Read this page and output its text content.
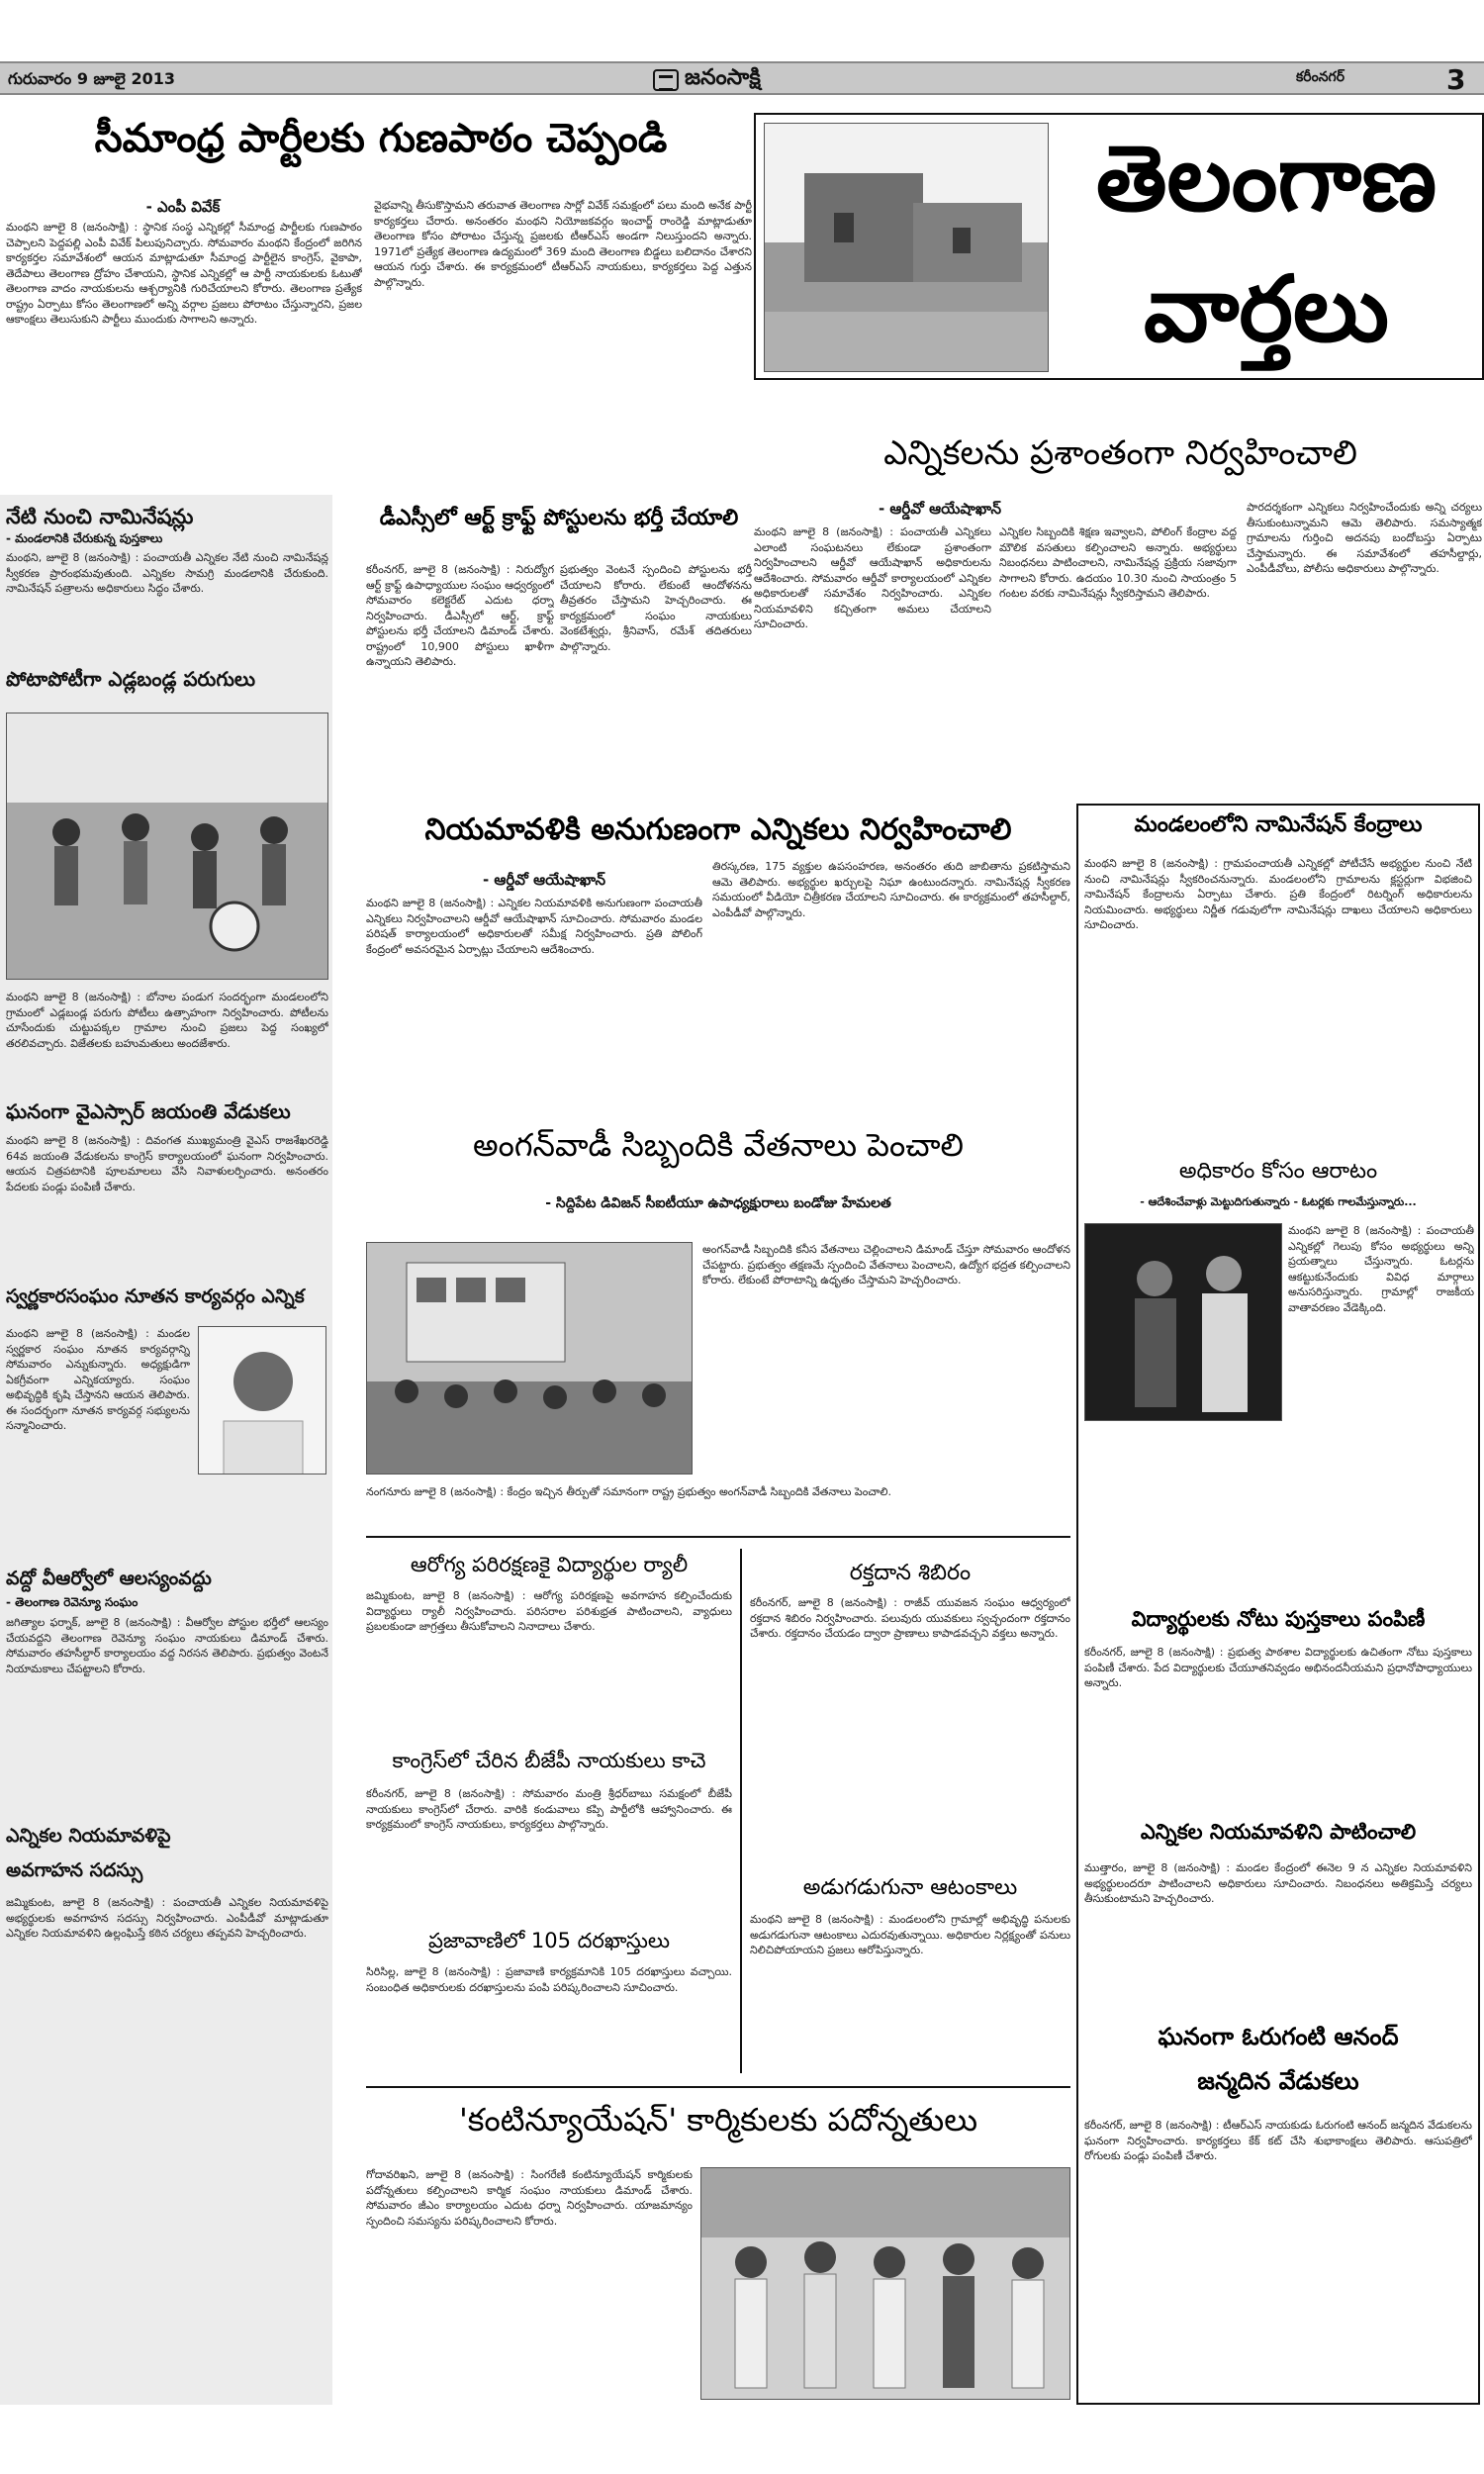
గురువారం 9 జూలై 2013	జనంసాక్షి	కరీంనగర్	3
సీమాంధ్ర పార్టీలకు గుణపాఠం చెప్పండి
- ఎంపీ వివేక్
మంథని జూలై 8 (జనంసాక్షి) : స్థానిక సంస్థ ఎన్నికల్లో సీమాంధ్ర పార్టీలకు గుణపాఠం చెప్పాలని పెద్దపల్లి ఎంపీ వివేక్ పిలుపునిచ్చారు. సోమవారం మంథని కేంద్రంలో జరిగిన కార్యకర్తల సమావేశంలో ఆయన మాట్లాడుతూ సీమాంధ్ర పార్టీలైన కాంగ్రెస్, వైకాపా, తెదేపాలు తెలంగాణ ద్రోహం చేశాయని, స్థానిక ఎన్నికల్లో ఆ పార్టీ నాయకులకు ఓటుతో తెలంగాణ వాదం నాయకులను ఆశ్చర్యానికి గురిచేయాలని కోరారు. తెలంగాణ ప్రత్యేక రాష్ట్రం ఏర్పాటు కోసం తెలంగాణలో అన్ని వర్గాల ప్రజలు పోరాటం చేస్తున్నారని, ప్రజల ఆకాంక్షలు తెలుసుకుని పార్టీలు ముందుకు సాగాలని అన్నారు.
వైభవాన్ని తీసుకొస్తామని తరువాత తెలంగాణ సార్లో వివేక్ సమక్షంలో పలు మంది అనేక పార్టీ కార్యకర్తలు చేరారు. అనంతరం మంథని నియోజకవర్గం ఇంచార్జ్ రాంరెడ్డి మాట్లాడుతూ తెలంగాణ కోసం పోరాటం చేస్తున్న ప్రజలకు టీఆర్ఎస్ అండగా నిలుస్తుందని అన్నారు. 1971లో ప్రత్యేక తెలంగాణ ఉద్యమంలో 369 మంది తెలంగాణ బిడ్డలు బలిదానం చేశారని ఆయన గుర్తు చేశారు. ఈ కార్యక్రమంలో టీఆర్ఎస్ నాయకులు, కార్యకర్తలు పెద్ద ఎత్తున పాల్గొన్నారు.
తెలంగాణ
వార్తలు
ఎన్నికలను ప్రశాంతంగా నిర్వహించాలి
- ఆర్డీవో ఆయేషాఖాన్
మంథని జూలై 8 (జనంసాక్షి) : పంచాయతీ ఎన్నికలు ఎలాంటి సంఘటనలు లేకుండా ప్రశాంతంగా నిర్వహించాలని ఆర్డీవో ఆయేషాఖాన్ అధికారులను ఆదేశించారు. సోమవారం ఆర్డీవో కార్యాలయంలో ఎన్నికల అధికారులతో సమావేశం నిర్వహించారు. ఎన్నికల నియమావళిని కచ్చితంగా అమలు చేయాలని సూచించారు.
ఎన్నికల సిబ్బందికి శిక్షణ ఇవ్వాలని, పోలింగ్ కేంద్రాల వద్ద మౌలిక వసతులు కల్పించాలని అన్నారు. అభ్యర్థులు నిబంధనలు పాటించాలని, నామినేషన్ల ప్రక్రియ సజావుగా సాగాలని కోరారు. ఉదయం 10.30 నుంచి సాయంత్రం 5 గంటల వరకు నామినేషన్లు స్వీకరిస్తామని తెలిపారు.
పారదర్శకంగా ఎన్నికలు నిర్వహించేందుకు అన్ని చర్యలు తీసుకుంటున్నామని ఆమె తెలిపారు. సమస్యాత్మక గ్రామాలను గుర్తించి అదనపు బందోబస్తు ఏర్పాటు చేస్తామన్నారు. ఈ సమావేశంలో తహసీల్దార్లు, ఎంపీడీవోలు, పోలీసు అధికారులు పాల్గొన్నారు.
డీఎస్సీలో ఆర్ట్ క్రాఫ్ట్ పోస్టులను భర్తీ చేయాలి
కరీంనగర్, జూలై 8 (జనంసాక్షి) : నిరుద్యోగ ఆర్ట్ క్రాఫ్ట్ ఉపాధ్యాయుల సంఘం ఆధ్వర్యంలో సోమవారం కలెక్టరేట్ ఎదుట ధర్నా నిర్వహించారు. డీఎస్సీలో ఆర్ట్, క్రాఫ్ట్ పోస్టులను భర్తీ చేయాలని డిమాండ్ చేశారు. రాష్ట్రంలో 10,900 పోస్టులు ఖాళీగా ఉన్నాయని తెలిపారు.
ప్రభుత్వం వెంటనే స్పందించి పోస్టులను భర్తీ చేయాలని కోరారు. లేకుంటే ఆందోళనను తీవ్రతరం చేస్తామని హెచ్చరించారు. ఈ కార్యక్రమంలో సంఘం నాయకులు వెంకటేశ్వర్లు, శ్రీనివాస్, రమేశ్ తదితరులు పాల్గొన్నారు.
నేటి నుంచి నామినేషన్లు
- మండలానికి చేరుకున్న పుస్తకాలు
మంథని, జూలై 8 (జనంసాక్షి) : పంచాయతీ ఎన్నికల నేటి నుంచి నామినేషన్ల స్వీకరణ ప్రారంభమవుతుంది. ఎన్నికల సామగ్రి మండలానికి చేరుకుంది. నామినేషన్ పత్రాలను అధికారులు సిద్ధం చేశారు.
పోటాపోటీగా ఎడ్లబండ్ల పరుగులు
మంథని జూలై 8 (జనంసాక్షి) : బోనాల పండుగ సందర్భంగా మండలంలోని గ్రామంలో ఎడ్లబండ్ల పరుగు పోటీలు ఉత్సాహంగా నిర్వహించారు. పోటీలను చూసేందుకు చుట్టుపక్కల గ్రామాల నుంచి ప్రజలు పెద్ద సంఖ్యలో తరలివచ్చారు. విజేతలకు బహుమతులు అందజేశారు.
ఘనంగా వైఎస్సార్ జయంతి వేడుకలు
మంథని జూలై 8 (జనంసాక్షి) : దివంగత ముఖ్యమంత్రి వైఎస్ రాజశేఖరరెడ్డి 64వ జయంతి వేడుకలను కాంగ్రెస్ కార్యాలయంలో ఘనంగా నిర్వహించారు. ఆయన చిత్రపటానికి పూలమాలలు వేసి నివాళులర్పించారు. అనంతరం పేదలకు పండ్లు పంపిణీ చేశారు.
స్వర్ణకారసంఘం నూతన కార్యవర్గం ఎన్నిక
మంథని జూలై 8 (జనంసాక్షి) : మండల స్వర్ణకార సంఘం నూతన కార్యవర్గాన్ని సోమవారం ఎన్నుకున్నారు. అధ్యక్షుడిగా ఏకగ్రీవంగా ఎన్నికయ్యారు. సంఘం అభివృద్ధికి కృషి చేస్తానని ఆయన తెలిపారు. ఈ సందర్భంగా నూతన కార్యవర్గ సభ్యులను సన్మానించారు.
వద్దో వీఆర్వోలో ఆలస్యంవద్దు
- తెలంగాణ రెవెన్యూ సంఘం
జగిత్యాల ఫర్నాక్, జూలై 8 (జనంసాక్షి) : వీఆర్వోల పోస్టుల భర్తీలో ఆలస్యం చేయవద్దని తెలంగాణ రెవెన్యూ సంఘం నాయకులు డిమాండ్ చేశారు. సోమవారం తహసీల్దార్ కార్యాలయం వద్ద నిరసన తెలిపారు. ప్రభుత్వం వెంటనే నియామకాలు చేపట్టాలని కోరారు.
ఎన్నికల నియమావళిపై
అవగాహన సదస్సు
జమ్మికుంట, జూలై 8 (జనంసాక్షి) : పంచాయతీ ఎన్నికల నియమావళిపై అభ్యర్థులకు అవగాహన సదస్సు నిర్వహించారు. ఎంపీడీవో మాట్లాడుతూ ఎన్నికల నియమావళిని ఉల్లంఘిస్తే కఠిన చర్యలు తప్పవని హెచ్చరించారు.
నియమావళికి అనుగుణంగా ఎన్నికలు నిర్వహించాలి
- ఆర్డీవో ఆయేషాఖాన్
మంథని జూలై 8 (జనంసాక్షి) : ఎన్నికల నియమావళికి అనుగుణంగా పంచాయతీ ఎన్నికలు నిర్వహించాలని ఆర్డీవో ఆయేషాఖాన్ సూచించారు. సోమవారం మండల పరిషత్ కార్యాలయంలో అధికారులతో సమీక్ష నిర్వహించారు. ప్రతి పోలింగ్ కేంద్రంలో అవసరమైన ఏర్పాట్లు చేయాలని ఆదేశించారు.
తిరస్కరణ, 175 వ్యక్తుల ఉపసంహరణ, అనంతరం తుది జాబితాను ప్రకటిస్తామని ఆమె తెలిపారు. అభ్యర్థుల ఖర్చులపై నిఘా ఉంటుందన్నారు. నామినేషన్ల స్వీకరణ సమయంలో వీడియో చిత్రీకరణ చేయాలని సూచించారు. ఈ కార్యక్రమంలో తహసీల్దార్, ఎంపీడీవో పాల్గొన్నారు.
మండలంలోని నామినేషన్ కేంద్రాలు
మంథని జూలై 8 (జనంసాక్షి) : గ్రామపంచాయతీ ఎన్నికల్లో పోటీచేసే అభ్యర్థుల నుంచి నేటి నుంచి నామినేషన్లు స్వీకరించనున్నారు. మండలంలోని గ్రామాలను క్లస్టర్లుగా విభజించి నామినేషన్ కేంద్రాలను ఏర్పాటు చేశారు. ప్రతి కేంద్రంలో రిటర్నింగ్ అధికారులను నియమించారు. అభ్యర్థులు నిర్ణీత గడువులోగా నామినేషన్లు దాఖలు చేయాలని అధికారులు సూచించారు.
అధికారం కోసం ఆరాటం
- ఆదేశించేవాళ్లు మెట్టుదిగుతున్నారు - ఓటర్లకు గాలమేస్తున్నారు...
మంథని జూలై 8 (జనంసాక్షి) : పంచాయతీ ఎన్నికల్లో గెలుపు కోసం అభ్యర్థులు అన్ని ప్రయత్నాలు చేస్తున్నారు. ఓటర్లను ఆకట్టుకునేందుకు వివిధ మార్గాలు అనుసరిస్తున్నారు. గ్రామాల్లో రాజకీయ వాతావరణం వేడెక్కింది.
విద్యార్థులకు నోటు పుస్తకాలు పంపిణీ
కరీంనగర్, జూలై 8 (జనంసాక్షి) : ప్రభుత్వ పాఠశాల విద్యార్థులకు ఉచితంగా నోటు పుస్తకాలు పంపిణీ చేశారు. పేద విద్యార్థులకు చేయూతనివ్వడం అభినందనీయమని ప్రధానోపాధ్యాయులు అన్నారు.
ఎన్నికల నియమావళిని పాటించాలి
ముత్తారం, జూలై 8 (జనంసాక్షి) : మండల కేంద్రంలో ఈనెల 9 న ఎన్నికల నియమావళిని అభ్యర్థులందరూ పాటించాలని అధికారులు సూచించారు. నిబంధనలు అతిక్రమిస్తే చర్యలు తీసుకుంటామని హెచ్చరించారు.
ఘనంగా ఓరుగంటి ఆనంద్
జన్మదిన వేడుకలు
కరీంనగర్, జూలై 8 (జనంసాక్షి) : టీఆర్ఎస్ నాయకుడు ఓరుగంటి ఆనంద్ జన్మదిన వేడుకలను ఘనంగా నిర్వహించారు. కార్యకర్తలు కేక్ కట్ చేసి శుభాకాంక్షలు తెలిపారు. ఆసుపత్రిలో రోగులకు పండ్లు పంపిణీ చేశారు.
అంగన్‌వాడీ సిబ్బందికి వేతనాలు పెంచాలి
- సిద్దిపేట డివిజన్ సీఐటీయూ ఉపాధ్యక్షురాలు బండోజు హేమలత
అంగన్‌వాడీ సిబ్బందికి కనీస వేతనాలు చెల్లించాలని డిమాండ్ చేస్తూ సోమవారం ఆందోళన చేపట్టారు. ప్రభుత్వం తక్షణమే స్పందించి వేతనాలు పెంచాలని, ఉద్యోగ భద్రత కల్పించాలని కోరారు. లేకుంటే పోరాటాన్ని ఉధృతం చేస్తామని హెచ్చరించారు.
నంగనూరు జూలై 8 (జనంసాక్షి) : కేంద్రం ఇచ్చిన తీర్పుతో సమానంగా రాష్ట్ర ప్రభుత్వం అంగన్‌వాడీ సిబ్బందికి వేతనాలు పెంచాలి.
ఆరోగ్య పరిరక్షణకై విద్యార్థుల ర్యాలీ
జమ్మికుంట, జూలై 8 (జనంసాక్షి) : ఆరోగ్య పరిరక్షణపై అవగాహన కల్పించేందుకు విద్యార్థులు ర్యాలీ నిర్వహించారు. పరిసరాల పరిశుభ్రత పాటించాలని, వ్యాధులు ప్రబలకుండా జాగ్రత్తలు తీసుకోవాలని నినాదాలు చేశారు.
కాంగ్రెస్‌లో చేరిన బీజేపీ నాయకులు కాచె
కరీంనగర్, జూలై 8 (జనంసాక్షి) : సోమవారం మంత్రి శ్రీధర్‌బాబు సమక్షంలో బీజేపీ నాయకులు కాంగ్రెస్‌లో చేరారు. వారికి కండువాలు కప్పి పార్టీలోకి ఆహ్వానించారు. ఈ కార్యక్రమంలో కాంగ్రెస్ నాయకులు, కార్యకర్తలు పాల్గొన్నారు.
ప్రజావాణిలో 105 దరఖాస్తులు
సిరిసిల్ల, జూలై 8 (జనంసాక్షి) : ప్రజావాణి కార్యక్రమానికి 105 దరఖాస్తులు వచ్చాయి. సంబంధిత అధికారులకు దరఖాస్తులను పంపి పరిష్కరించాలని సూచించారు.
రక్తదాన శిబిరం
కరీంనగర్, జూలై 8 (జనంసాక్షి) : రాజీవ్ యువజన సంఘం ఆధ్వర్యంలో రక్తదాన శిబిరం నిర్వహించారు. పలువురు యువకులు స్వచ్ఛందంగా రక్తదానం చేశారు. రక్తదానం చేయడం ద్వారా ప్రాణాలు కాపాడవచ్చని వక్తలు అన్నారు.
అడుగడుగునా ఆటంకాలు
మంథని జూలై 8 (జనంసాక్షి) : మండలంలోని గ్రామాల్లో అభివృద్ధి పనులకు అడుగడుగునా ఆటంకాలు ఎదురవుతున్నాయి. అధికారుల నిర్లక్ష్యంతో పనులు నిలిచిపోయాయని ప్రజలు ఆరోపిస్తున్నారు.
'కంటిన్యూయేషన్' కార్మికులకు పదోన్నతులు
గోదావరిఖని, జూలై 8 (జనంసాక్షి) : సింగరేణి కంటిన్యూయేషన్ కార్మికులకు పదోన్నతులు కల్పించాలని కార్మిక సంఘం నాయకులు డిమాండ్ చేశారు. సోమవారం జీఎం కార్యాలయం ఎదుట ధర్నా నిర్వహించారు. యాజమాన్యం స్పందించి సమస్యను పరిష్కరించాలని కోరారు.
